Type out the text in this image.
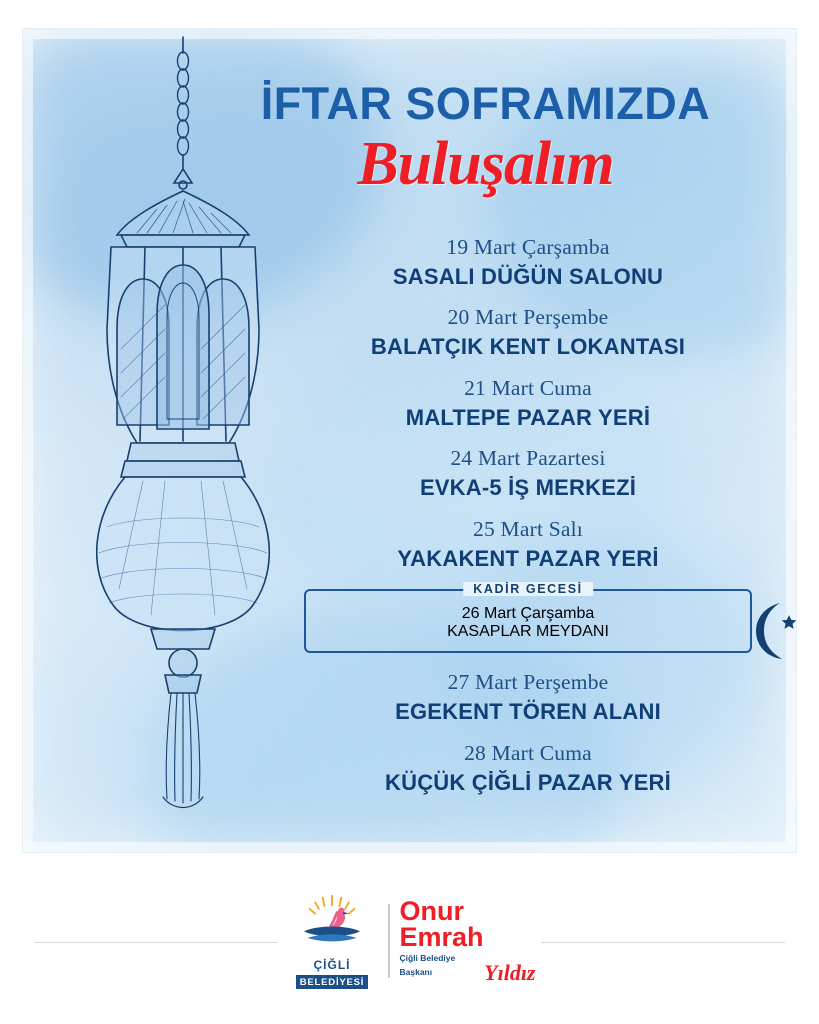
İFTAR SOFRAMIZDA
Buluşalım
19 Mart Çarşamba
SASALI DÜĞÜN SALONU
20 Mart Perşembe
BALATÇIK KENT LOKANTASI
21 Mart Cuma
MALTEPE PAZAR YERİ
24 Mart Pazartesi
EVKA-5 İŞ MERKEZİ
25 Mart Salı
YAKAKENT PAZAR YERİ
KADİR GECESİ
26 Mart Çarşamba
KASAPLAR MEYDANI
27 Mart Perşembe
EGEKENT TÖREN ALANI
28 Mart Cuma
KÜÇÜK ÇİĞLİ PAZAR YERİ
ÇİĞLİ
BELEDİYESİ
Onur
Emrah
Çiğli Belediye
Başkanı	Yıldız
